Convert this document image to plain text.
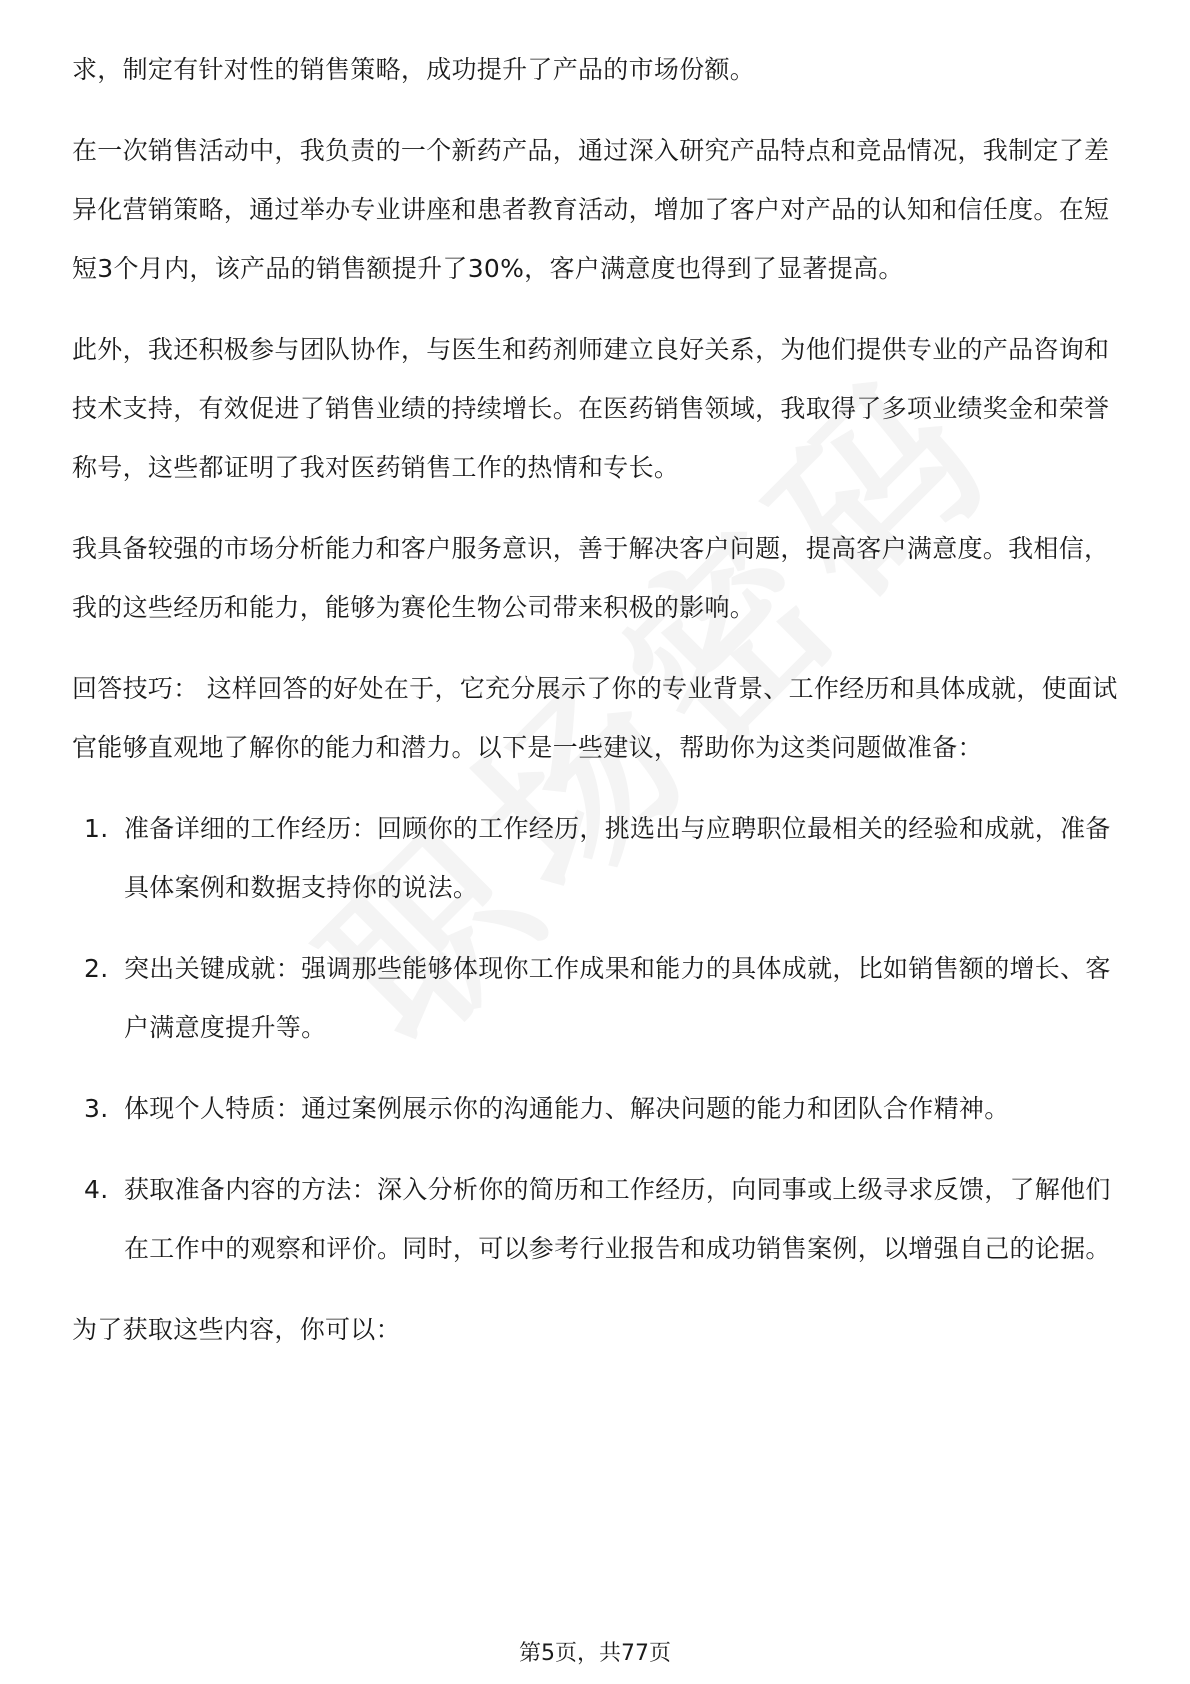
求，制定有针对性的销售策略，成功提升了产品的市场份额。

在一次销售活动中，我负责的一个新药产品，通过深入研究产品特点和竞品情况，我制定了差异化营销策略，通过举办专业讲座和患者教育活动，增加了客户对产品的认知和信任度。在短短3个月内，该产品的销售额提升了30%，客户满意度也得到了显著提高。

此外，我还积极参与团队协作，与医生和药剂师建立良好关系，为他们提供专业的产品咨询和技术支持，有效促进了销售业绩的持续增长。在医药销售领域，我取得了多项业绩奖金和荣誉称号，这些都证明了我对医药销售工作的热情和专长。

我具备较强的市场分析能力和客户服务意识，善于解决客户问题，提高客户满意度。我相信，我的这些经历和能力，能够为赛伦生物公司带来积极的影响。

回答技巧： 这样回答的好处在于，它充分展示了你的专业背景、工作经历和具体成就，使面试官能够直观地了解你的能力和潜力。以下是一些建议，帮助你为这类问题做准备：

1. 准备详细的工作经历：回顾你的工作经历，挑选出与应聘职位最相关的经验和成就，准备具体案例和数据支持你的说法。
2. 突出关键成就：强调那些能够体现你工作成果和能力的具体成就，比如销售额的增长、客户满意度提升等。
3. 体现个人特质：通过案例展示你的沟通能力、解决问题的能力和团队合作精神。
4. 获取准备内容的方法：深入分析你的简历和工作经历，向同事或上级寻求反馈，了解他们在工作中的观察和评价。同时，可以参考行业报告和成功销售案例，以增强自己的论据。

为了获取这些内容，你可以：

第5页，共77页
